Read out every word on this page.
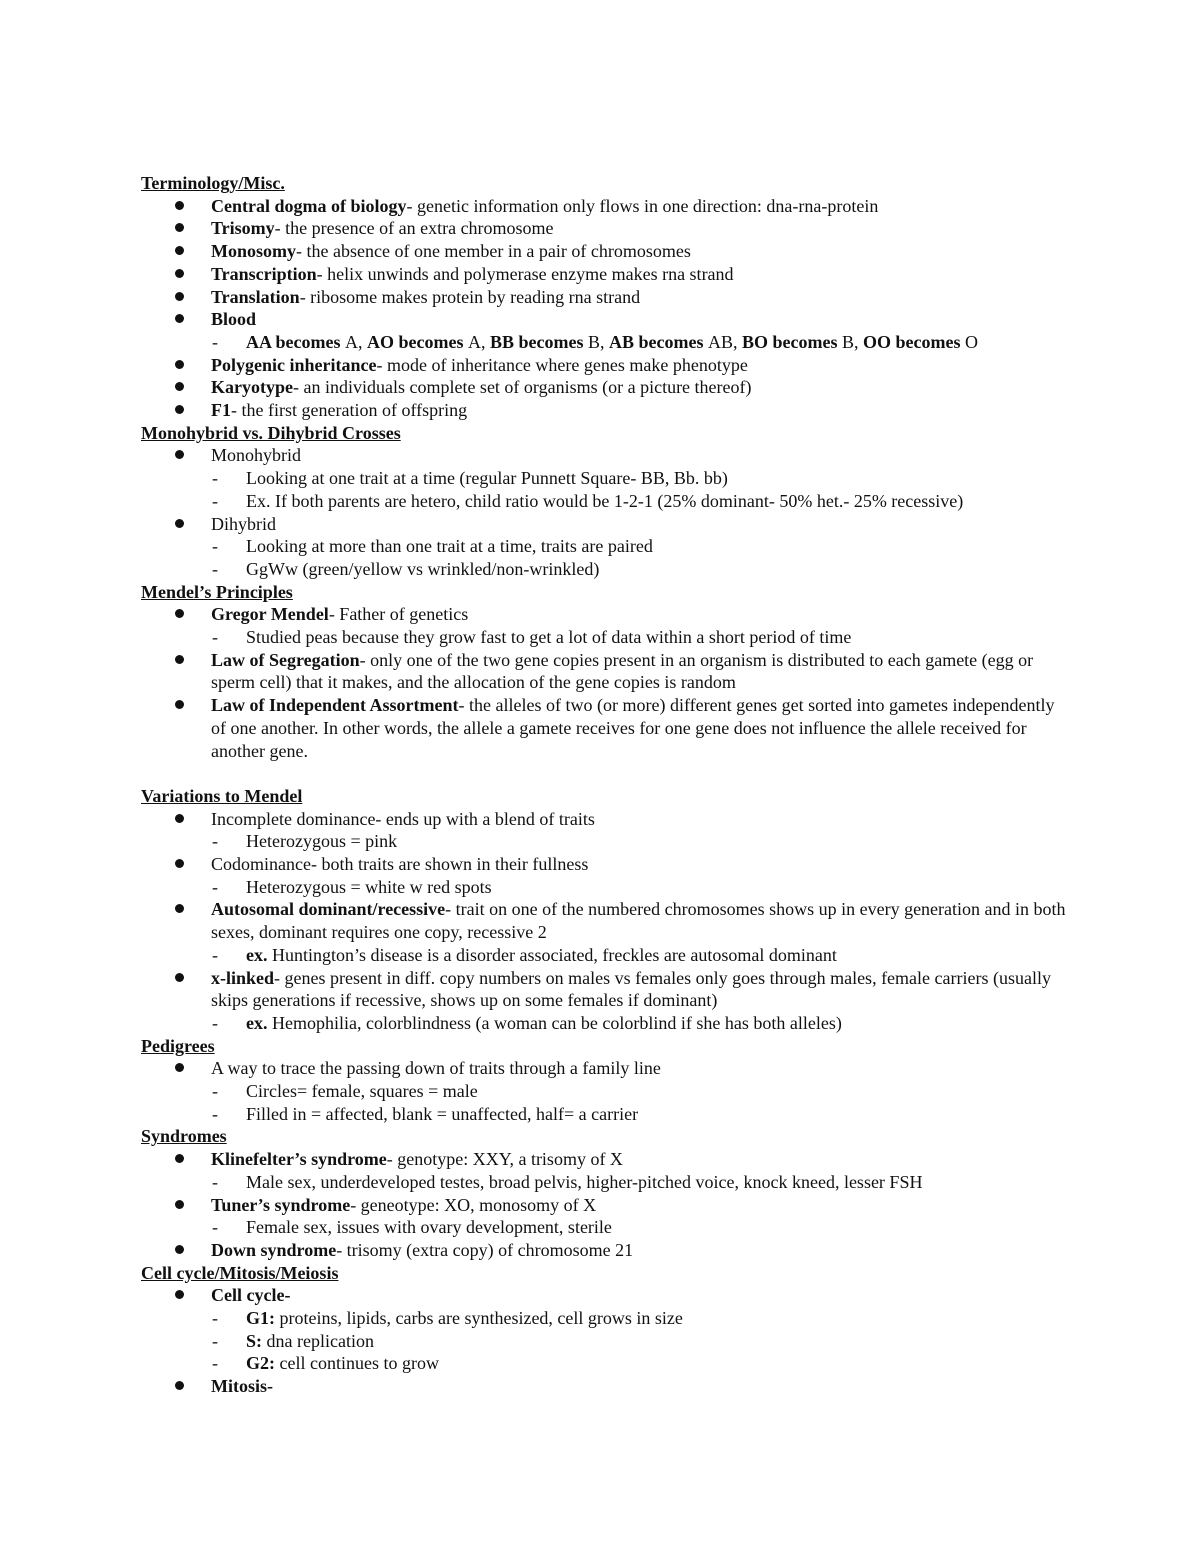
Terminology/Misc.
Central dogma of biology- genetic information only flows in one direction: dna-rna-protein
Trisomy- the presence of an extra chromosome
Monosomy- the absence of one member in a pair of chromosomes
Transcription- helix unwinds and polymerase enzyme makes rna strand
Translation- ribosome makes protein by reading rna strand
Blood
- AA becomes A, AO becomes A, BB becomes B, AB becomes AB, BO becomes B, OO becomes O
Polygenic inheritance- mode of inheritance where genes make phenotype
Karyotype- an individuals complete set of organisms (or a picture thereof)
F1- the first generation of offspring
Monohybrid vs. Dihybrid Crosses
Monohybrid
- Looking at one trait at a time (regular Punnett Square- BB, Bb. bb)
- Ex. If both parents are hetero, child ratio would be 1-2-1 (25% dominant- 50% het.- 25% recessive)
Dihybrid
- Looking at more than one trait at a time, traits are paired
- GgWw (green/yellow vs wrinkled/non-wrinkled)
Mendel’s Principles
Gregor Mendel- Father of genetics
- Studied peas because they grow fast to get a lot of data within a short period of time
Law of Segregation- only one of the two gene copies present in an organism is distributed to each gamete (egg or sperm cell) that it makes, and the allocation of the gene copies is random
Law of Independent Assortment- the alleles of two (or more) different genes get sorted into gametes independently of one another. In other words, the allele a gamete receives for one gene does not influence the allele received for another gene.
Variations to Mendel
Incomplete dominance- ends up with a blend of traits
- Heterozygous = pink
Codominance- both traits are shown in their fullness
- Heterozygous = white w red spots
Autosomal dominant/recessive- trait on one of the numbered chromosomes shows up in every generation and in both sexes, dominant requires one copy, recessive 2
- ex. Huntington’s disease is a disorder associated, freckles are autosomal dominant
x-linked- genes present in diff. copy numbers on males vs females only goes through males, female carriers (usually skips generations if recessive, shows up on some females if dominant)
- ex. Hemophilia, colorblindness (a woman can be colorblind if she has both alleles)
Pedigrees
A way to trace the passing down of traits through a family line
- Circles= female, squares = male
- Filled in = affected, blank = unaffected, half= a carrier
Syndromes
Klinefelter’s syndrome- genotype: XXY, a trisomy of X
- Male sex, underdeveloped testes, broad pelvis, higher-pitched voice, knock kneed, lesser FSH
Tuner’s syndrome- geneotype: XO, monosomy of X
- Female sex, issues with ovary development, sterile
Down syndrome- trisomy (extra copy) of chromosome 21
Cell cycle/Mitosis/Meiosis
Cell cycle-
- G1: proteins, lipids, carbs are synthesized, cell grows in size
- S: dna replication
- G2: cell continues to grow
Mitosis-
